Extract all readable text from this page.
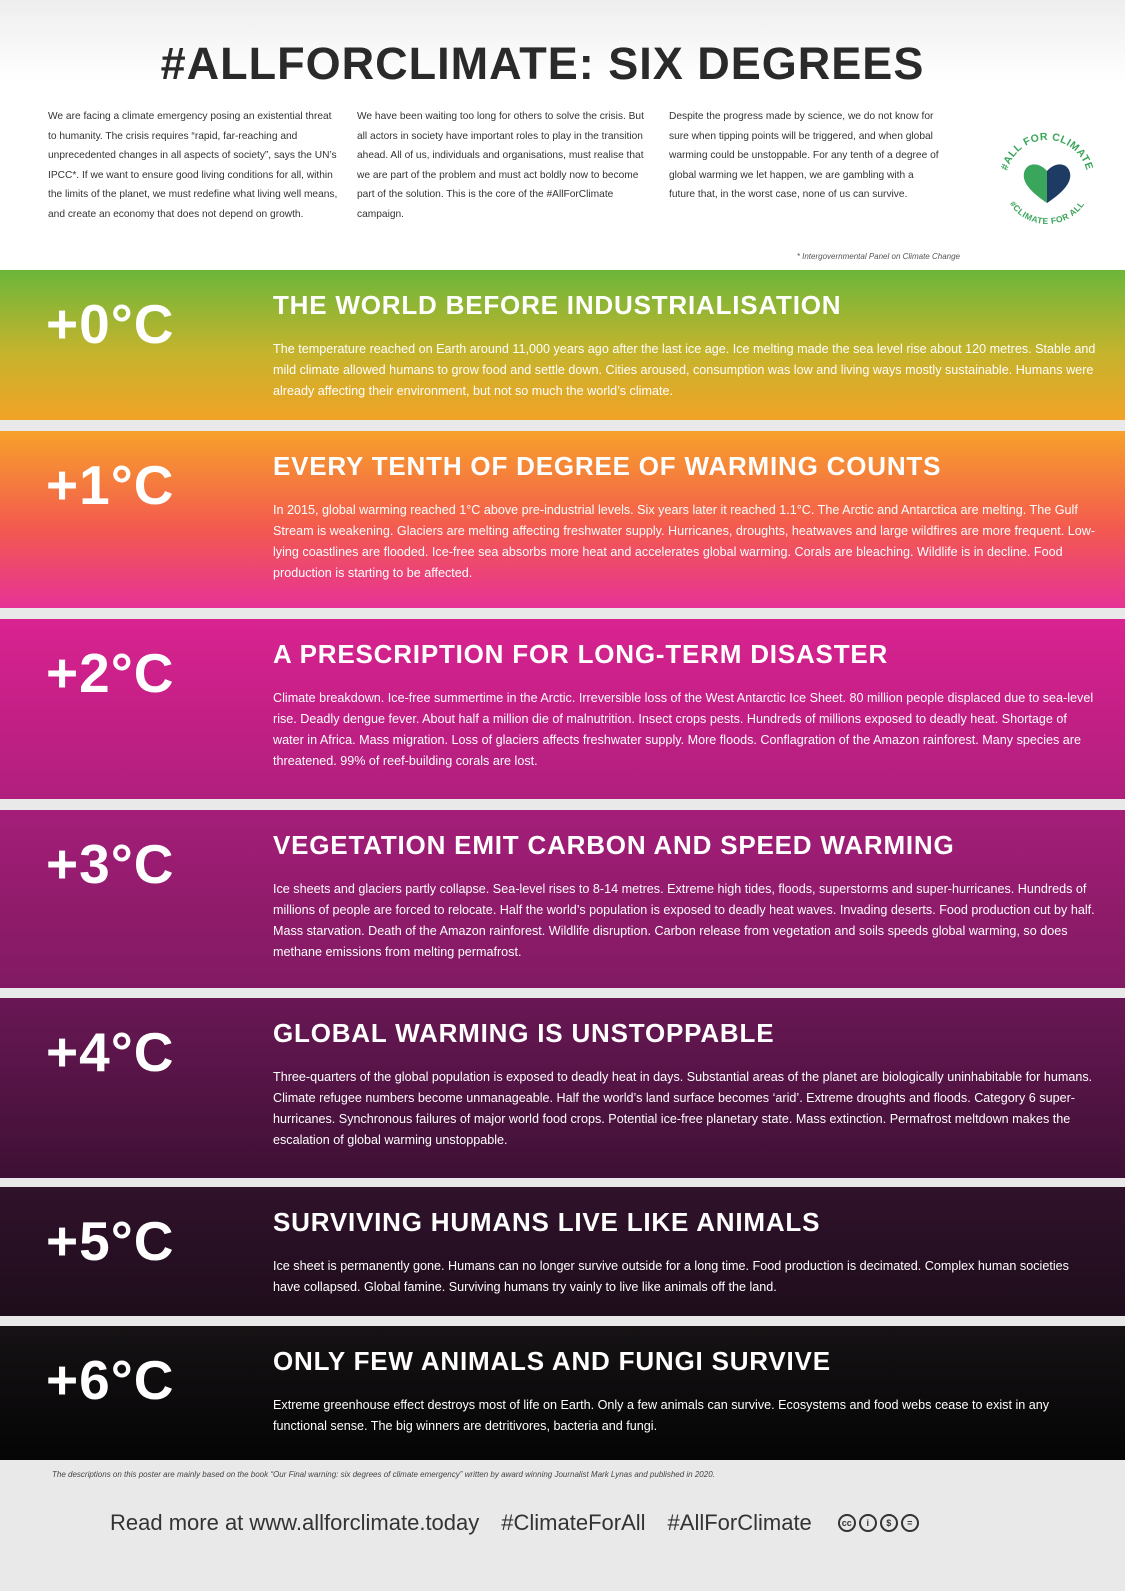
#ALLFORCLIMATE: SIX DEGREES
We are facing a climate emergency posing an existential threat to humanity. The crisis requires “rapid, far-reaching and unprecedented changes in all aspects of society”, says the UN’s IPCC*. If we want to ensure good living conditions for all, within the limits of the planet, we must redefine what living well means, and create an economy that does not depend on growth.
We have been waiting too long for others to solve the crisis. But all actors in society have important roles to play in the transition ahead. All of us, individuals and organisations, must realise that we are part of the problem and must act boldly now to become part of the solution. This is the core of the #AllForClimate campaign.
Despite the progress made by science, we do not know for sure when tipping points will be triggered, and when global warming could be unstoppable. For any tenth of a degree of global warming we let happen, we are gambling with a future that, in the worst case, none of us can survive.
* Intergovernmental Panel on Climate Change
#ALL FOR CLIMATE
#CLIMATE FOR ALL
+0°C	THE WORLD BEFORE INDUSTRIALISATION

The temperature reached on Earth around 11,000 years ago after the last ice age. Ice melting made the sea level rise about 120 metres. Stable and mild climate allowed humans to grow food and settle down. Cities aroused, consumption was low and living ways mostly sustainable. Humans were already affecting their environment, but not so much the world’s climate.

+1°C	EVERY TENTH OF DEGREE OF WARMING COUNTS

In 2015, global warming reached 1°C above pre-industrial levels. Six years later it reached 1.1°C. The Arctic and Antarctica are melting. The Gulf Stream is weakening. Glaciers are melting affecting freshwater supply. Hurricanes, droughts, heatwaves and large wildfires are more frequent. Low-lying coastlines are flooded. Ice-free sea absorbs more heat and accelerates global warming. Corals are bleaching. Wildlife is in decline. Food production is starting to be affected.

+2°C	A PRESCRIPTION FOR LONG-TERM DISASTER

Climate breakdown. Ice-free summertime in the Arctic. Irreversible loss of the West Antarctic Ice Sheet. 80 million people displaced due to sea-level rise. Deadly dengue fever. About half a million die of malnutrition. Insect crops pests. Hundreds of millions exposed to deadly heat. Shortage of water in Africa. Mass migration. Loss of glaciers affects freshwater supply. More floods. Conflagration of the Amazon rainforest. Many species are threatened. 99% of reef-building corals are lost.

+3°C	VEGETATION EMIT CARBON AND SPEED WARMING

Ice sheets and glaciers partly collapse. Sea-level rises to 8-14 metres. Extreme high tides, floods, superstorms and super-hurricanes. Hundreds of millions of people are forced to relocate. Half the world’s population is exposed to deadly heat waves. Invading deserts. Food production cut by half. Mass starvation. Death of the Amazon rainforest. Wildlife disruption. Carbon release from vegetation and soils speeds global warming, so does methane emissions from melting permafrost.

+4°C	GLOBAL WARMING IS UNSTOPPABLE

Three-quarters of the global population is exposed to deadly heat in days. Substantial areas of the planet are biologically uninhabitable for humans. Climate refugee numbers become unmanageable. Half the world’s land surface becomes ‘arid’. Extreme droughts and floods. Category 6 super-hurricanes. Synchronous failures of major world food crops. Potential ice-free planetary state. Mass extinction. Permafrost meltdown makes the escalation of global warming unstoppable.

+5°C	SURVIVING HUMANS LIVE LIKE ANIMALS

Ice sheet is permanently gone. Humans can no longer survive outside for a long time. Food production is decimated. Complex human societies have collapsed. Global famine. Surviving humans try vainly to live like animals off the land.

+6°C	ONLY FEW ANIMALS AND FUNGI SURVIVE

Extreme greenhouse effect destroys most of life on Earth. Only a few animals can survive. Ecosystems and food webs cease to exist in any functional sense. The big winners are detritivores, bacteria and fungi.

The descriptions on this poster are mainly based on the book “Our Final warning: six degrees of climate emergency” written by award winning Journalist Mark Lynas and published in 2020.
Read more at www.allforclimate.today #ClimateForAll #AllForClimate	cc	i	$	=
